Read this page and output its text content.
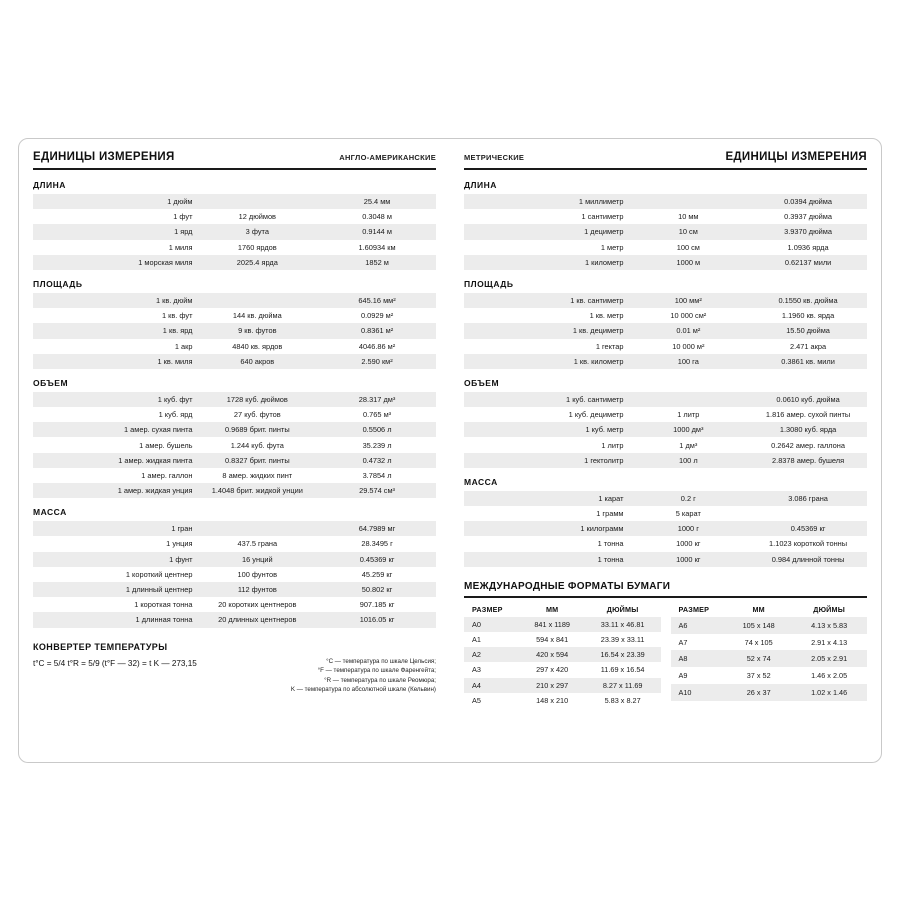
ЕДИНИЦЫ ИЗМЕРЕНИЯ	АНГЛО-АМЕРИКАНСКИЕ
ДЛИНА
1 дюйм		25.4 мм
1 фут	12 дюймов	0.3048 м
1 ярд	3 фута	0.9144 м
1 миля	1760 ярдов	1.60934 км
1 морская миля	2025.4 ярда	1852 м
ПЛОЩАДЬ
1 кв. дюйм		645.16 мм²
1 кв. фут	144 кв. дюйма	0.0929 м²
1 кв. ярд	9 кв. футов	0.8361 м²
1 акр	4840 кв. ярдов	4046.86 м²
1 кв. миля	640 акров	2.590 км²
ОБЪЕМ
1 куб. фут	1728 куб. дюймов	28.317 дм³
1 куб. ярд	27 куб. футов	0.765 м³
1 амер. сухая пинта	0.9689 брит. пинты	0.5506 л
1 амер. бушель	1.244 куб. фута	35.239 л
1 амер. жидкая пинта	0.8327 брит. пинты	0.4732 л
1 амер. галлон	8 амер. жидких пинт	3.7854 л
1 амер. жидкая унция	1.4048 брит. жидкой унции	29.574 см³
МАССА
1 гран		64.7989 мг
1 унция	437.5 грана	28.3495 г
1 фунт	16 унций	0.45369 кг
1 короткий центнер	100 фунтов	45.259 кг
1 длинный центнер	112 фунтов	50.802 кг
1 короткая тонна	20 коротких центнеров	907.185 кг
1 длинная тонна	20 длинных центнеров	1016.05 кг
КОНВЕРТЕР ТЕМПЕРАТУРЫ
t°C = 5/4 t°R = 5/9 (t°F — 32) = t K — 273,15	°С — температура по шкале Цельсия;
°F — температура по шкале Фаренгейта;
°R — температура по шкале Реомюра;
K — температура по абсолютной шкале (Кельвин)
МЕТРИЧЕСКИЕ	ЕДИНИЦЫ ИЗМЕРЕНИЯ
ДЛИНА
1 миллиметр		0.0394 дюйма
1 сантиметр	10 мм	0.3937 дюйма
1 дециметр	10 см	3.9370 дюйма
1 метр	100 см	1.0936 ярда
1 километр	1000 м	0.62137 мили
ПЛОЩАДЬ
1 кв. сантиметр	100 мм²	0.1550 кв. дюйма
1 кв. метр	10 000 см²	1.1960 кв. ярда
1 кв. дециметр	0.01 м²	15.50 дюйма
1 гектар	10 000 м²	2.471 акра
1 кв. километр	100 га	0.3861 кв. мили
ОБЪЕМ
1 куб. сантиметр		0.0610 куб. дюйма
1 куб. дециметр	1 литр	1.816 амер. сухой пинты
1 куб. метр	1000 дм³	1.3080 куб. ярда
1 литр	1 дм³	0.2642 амер. галлона
1 гектолитр	100 л	2.8378 амер. бушеля
МАССА
1 карат	0.2 г	3.086 грана
1 грамм	5 карат	
1 килограмм	1000 г	0.45369 кг
1 тонна	1000 кг	1.1023 короткой тонны
1 тонна	1000 кг	0.984 длинной тонны
МЕЖДУНАРОДНЫЕ ФОРМАТЫ БУМАГИ
РАЗМЕР	ММ	ДЮЙМЫ
A0	841 x 1189	33.11 x 46.81
A1	594 x 841	23.39 x 33.11
A2	420 x 594	16.54 x 23.39
A3	297 x 420	11.69 x 16.54
A4	210 x 297	8.27 x 11.69
A5	148 x 210	5.83 x 8.27
РАЗМЕР	ММ	ДЮЙМЫ
A6	105 x 148	4.13 x 5.83
A7	74 x 105	2.91 x 4.13
A8	52 x 74	2.05 x 2.91
A9	37 x 52	1.46 x 2.05
A10	26 x 37	1.02 x 1.46
